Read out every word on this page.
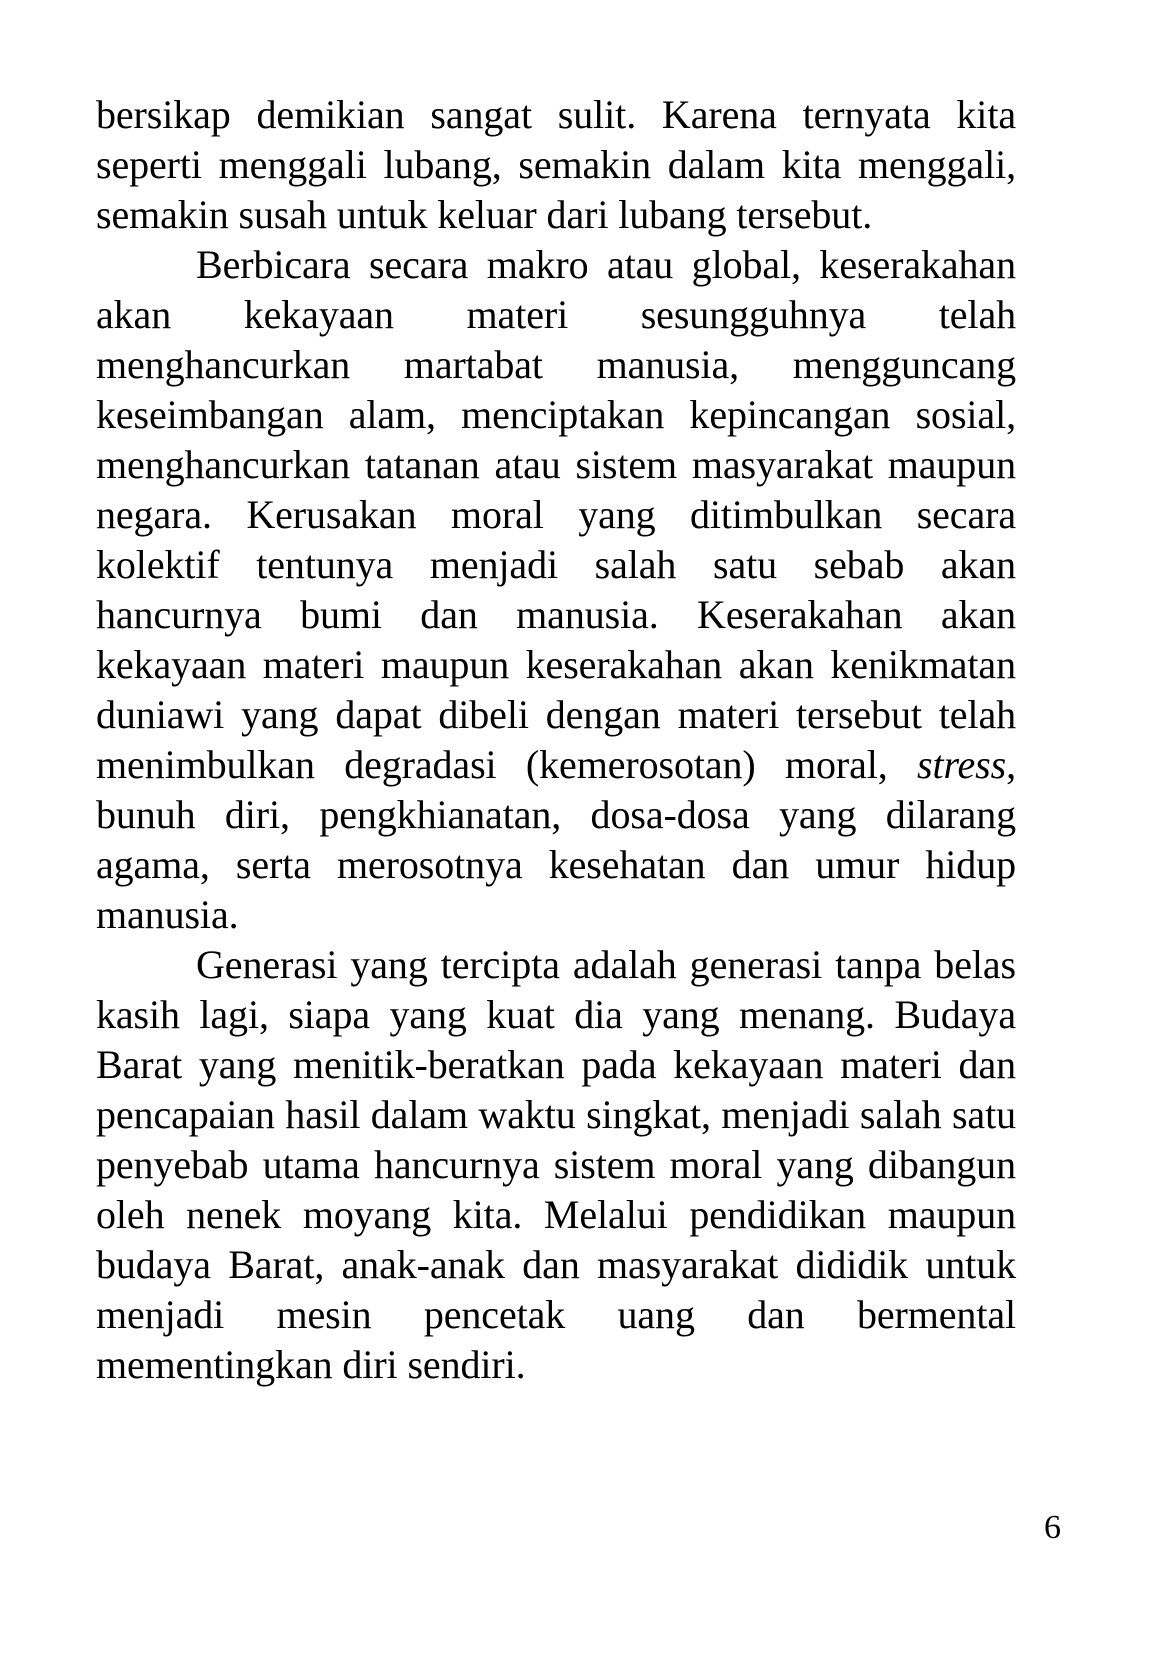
bersikap demikian sangat sulit. Karena ternyata kita seperti menggali lubang, semakin dalam kita menggali, semakin susah untuk keluar dari lubang tersebut.

Berbicara secara makro atau global, keserakahan akan kekayaan materi sesungguhnya telah menghancurkan martabat manusia, mengguncang keseimbangan alam, menciptakan kepincangan sosial, menghancurkan tatanan atau sistem masyarakat maupun negara. Kerusakan moral yang ditimbulkan secara kolektif tentunya menjadi salah satu sebab akan hancurnya bumi dan manusia. Keserakahan akan kekayaan materi maupun keserakahan akan kenikmatan duniawi yang dapat dibeli dengan materi tersebut telah menimbulkan degradasi (kemerosotan) moral, stress, bunuh diri, pengkhianatan, dosa-dosa yang dilarang agama, serta merosotnya kesehatan dan umur hidup manusia.

Generasi yang tercipta adalah generasi tanpa belas kasih lagi, siapa yang kuat dia yang menang. Budaya Barat yang menitik-beratkan pada kekayaan materi dan pencapaian hasil dalam waktu singkat, menjadi salah satu penyebab utama hancurnya sistem moral yang dibangun oleh nenek moyang kita. Melalui pendidikan maupun budaya Barat, anak-anak dan masyarakat dididik untuk menjadi mesin pencetak uang dan bermental mementingkan diri sendiri.

6
